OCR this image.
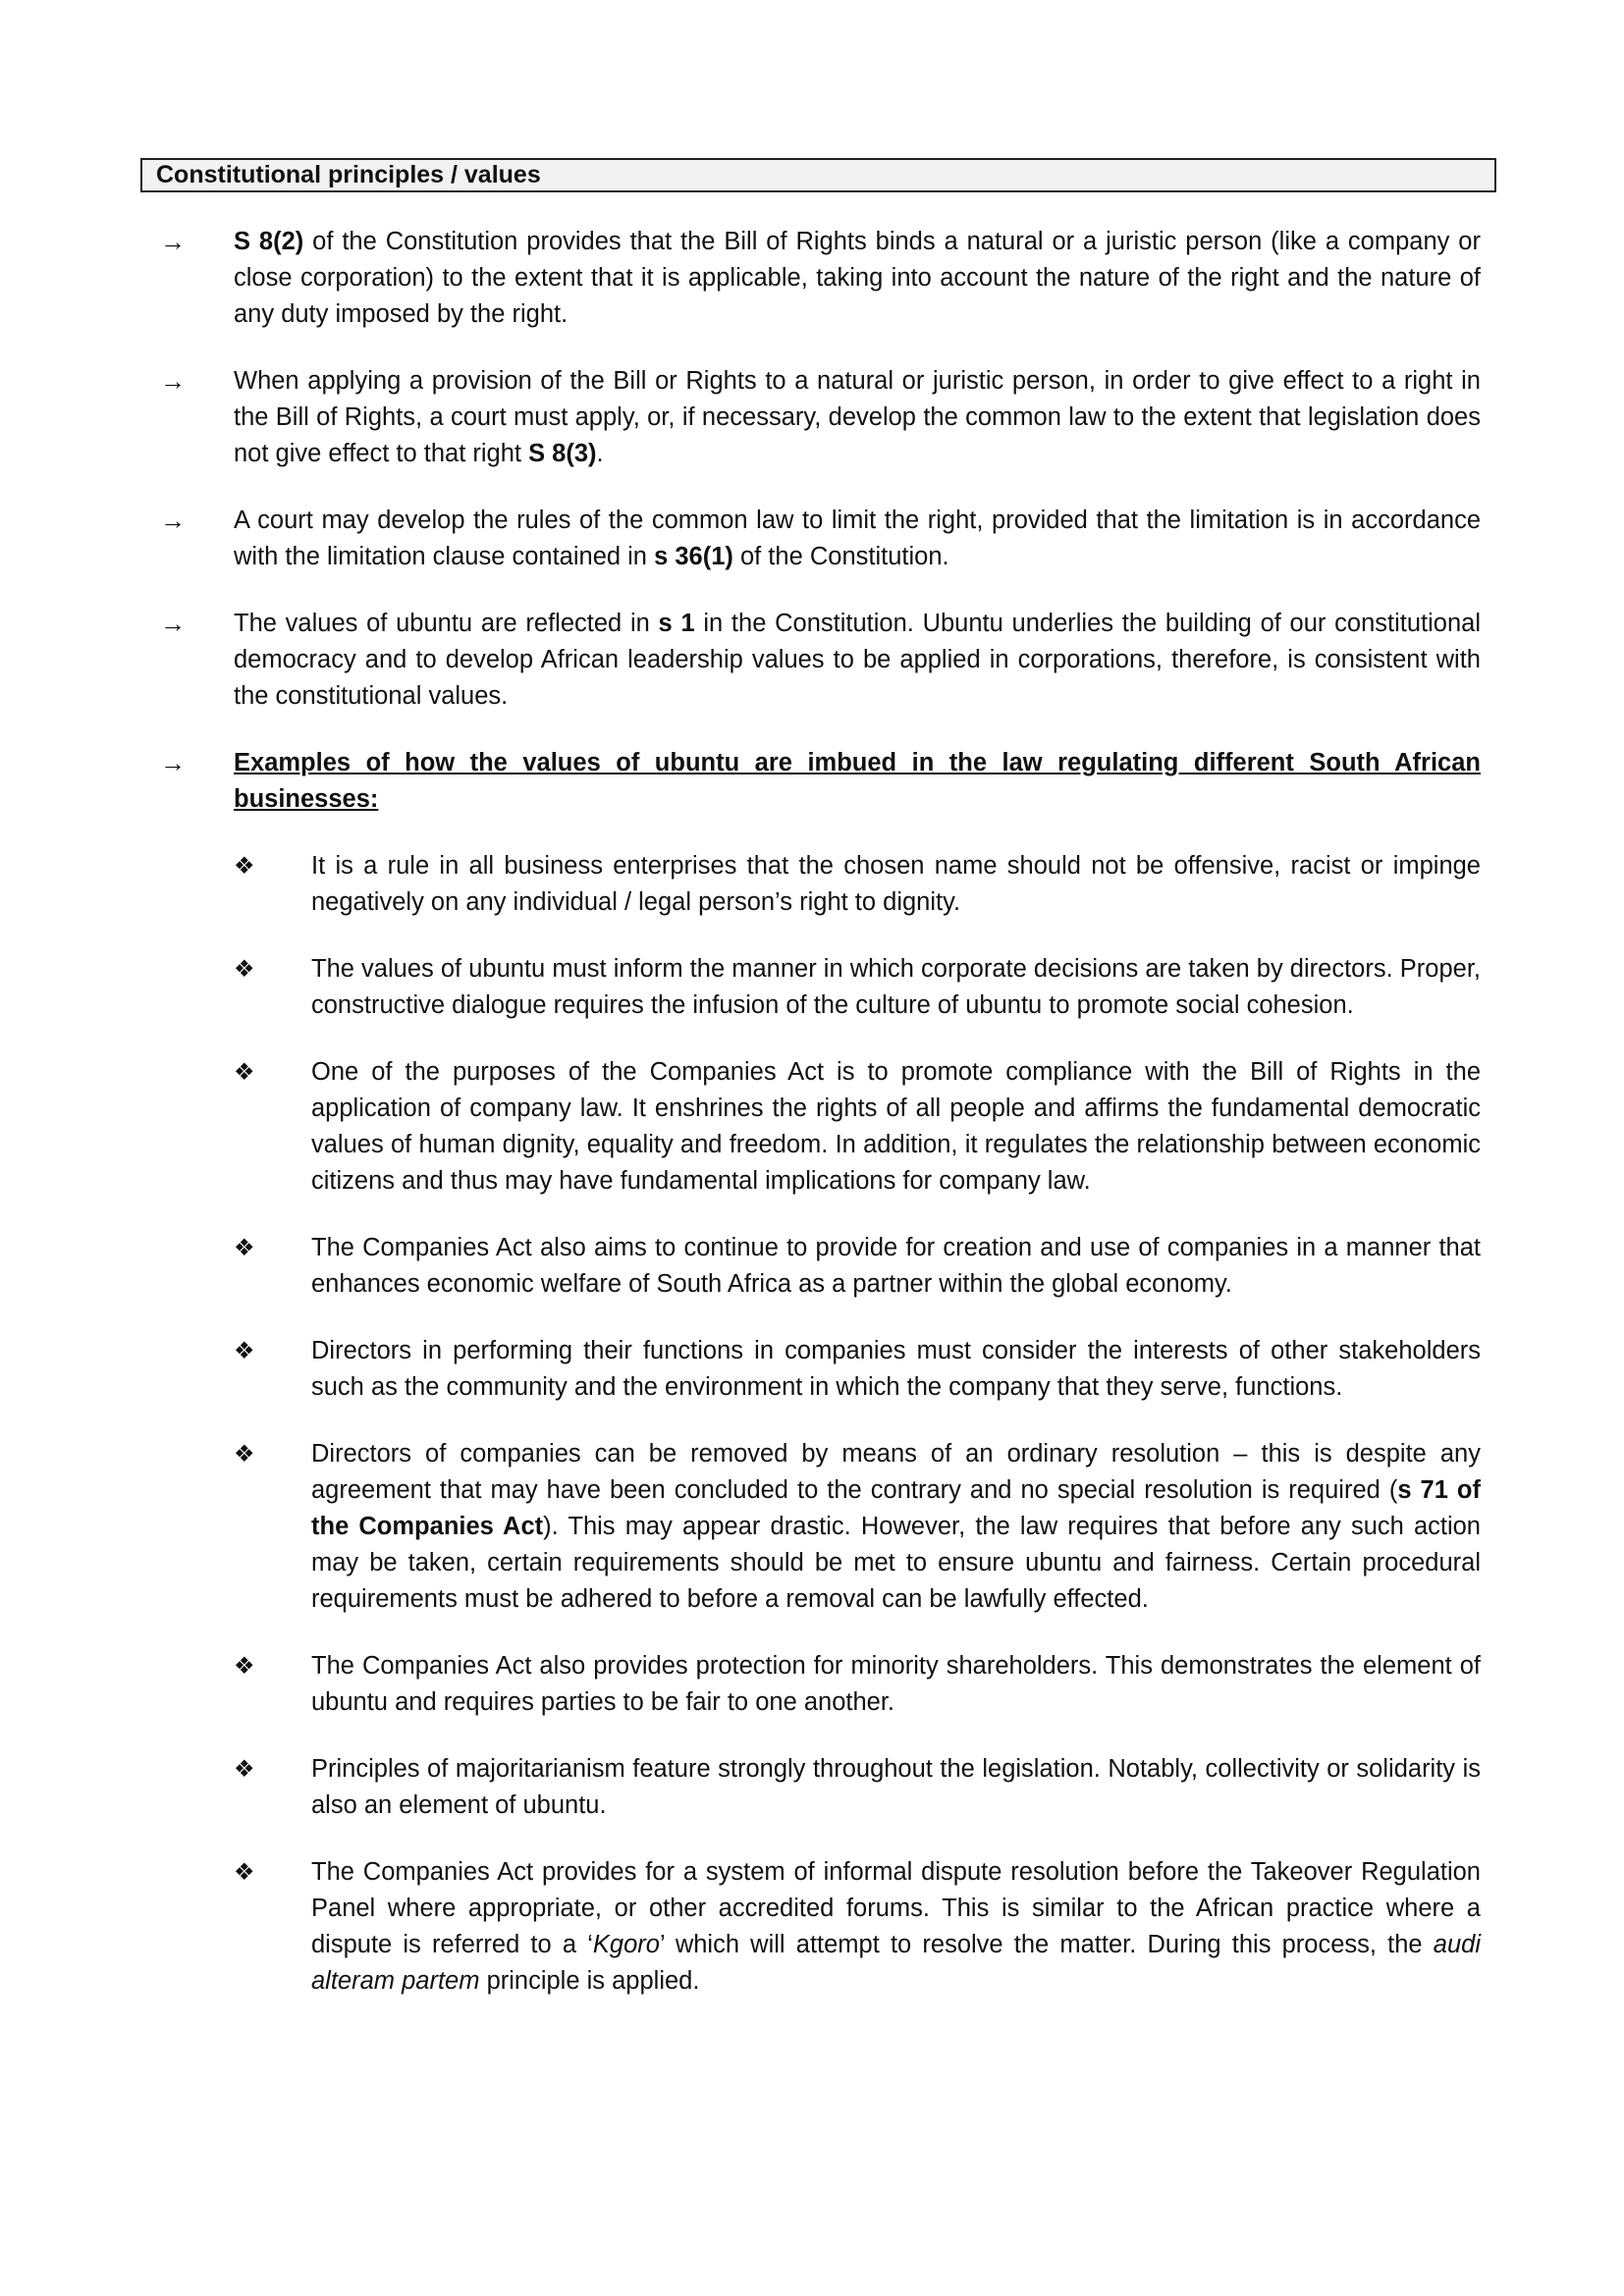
Constitutional principles / values
→ S 8(2) of the Constitution provides that the Bill of Rights binds a natural or a juristic person (like a company or close corporation) to the extent that it is applicable, taking into account the nature of the right and the nature of any duty imposed by the right.
→ When applying a provision of the Bill or Rights to a natural or juristic person, in order to give effect to a right in the Bill of Rights, a court must apply, or, if necessary, develop the common law to the extent that legislation does not give effect to that right S 8(3).
→ A court may develop the rules of the common law to limit the right, provided that the limitation is in accordance with the limitation clause contained in s 36(1) of the Constitution.
→ The values of ubuntu are reflected in s 1 in the Constitution. Ubuntu underlies the building of our constitutional democracy and to develop African leadership values to be applied in corporations, therefore, is consistent with the constitutional values.
→ Examples of how the values of ubuntu are imbued in the law regulating different South African businesses:
❖ It is a rule in all business enterprises that the chosen name should not be offensive, racist or impinge negatively on any individual / legal person’s right to dignity.
❖ The values of ubuntu must inform the manner in which corporate decisions are taken by directors. Proper, constructive dialogue requires the infusion of the culture of ubuntu to promote social cohesion.
❖ One of the purposes of the Companies Act is to promote compliance with the Bill of Rights in the application of company law. It enshrines the rights of all people and affirms the fundamental democratic values of human dignity, equality and freedom. In addition, it regulates the relationship between economic citizens and thus may have fundamental implications for company law.
❖ The Companies Act also aims to continue to provide for creation and use of companies in a manner that enhances economic welfare of South Africa as a partner within the global economy.
❖ Directors in performing their functions in companies must consider the interests of other stakeholders such as the community and the environment in which the company that they serve, functions.
❖ Directors of companies can be removed by means of an ordinary resolution – this is despite any agreement that may have been concluded to the contrary and no special resolution is required (s 71 of the Companies Act). This may appear drastic. However, the law requires that before any such action may be taken, certain requirements should be met to ensure ubuntu and fairness. Certain procedural requirements must be adhered to before a removal can be lawfully effected.
❖ The Companies Act also provides protection for minority shareholders. This demonstrates the element of ubuntu and requires parties to be fair to one another.
❖ Principles of majoritarianism feature strongly throughout the legislation. Notably, collectivity or solidarity is also an element of ubuntu.
❖ The Companies Act provides for a system of informal dispute resolution before the Takeover Regulation Panel where appropriate, or other accredited forums. This is similar to the African practice where a dispute is referred to a ‘Kgoro’ which will attempt to resolve the matter. During this process, the audi alteram partem principle is applied.
